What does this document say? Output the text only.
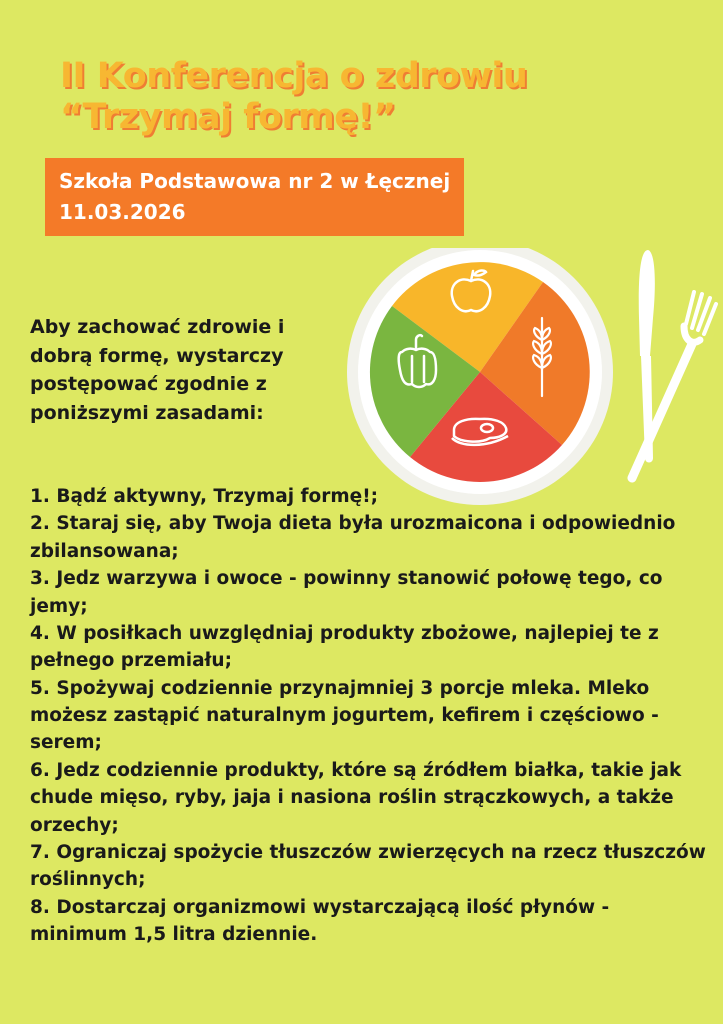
II Konferencja o zdrowiu
“Trzymaj formę!”
Szkoła Podstawowa nr 2 w Łęcznej
11.03.2026

Aby zachować zdrowie i dobrą formę, wystarczy postępować zgodnie z poniższymi zasadami:

1. Bądź aktywny, Trzymaj formę!;
2. Staraj się, aby Twoja dieta była urozmaicona i odpowiednio zbilansowana;
3. Jedz warzywa i owoce - powinny stanowić połowę tego, co jemy;
4. W posiłkach uwzględniaj produkty zbożowe, najlepiej te z pełnego przemiału;
5. Spożywaj codziennie przynajmniej 3 porcje mleka. Mleko możesz zastąpić naturalnym jogurtem, kefirem i częściowo - serem;
6. Jedz codziennie produkty, które są źródłem białka, takie jak chude mięso, ryby, jaja i nasiona roślin strączkowych, a także orzechy;
7. Ograniczaj spożycie tłuszczów zwierzęcych na rzecz tłuszczów roślinnych;
8. Dostarczaj organizmowi wystarczającą ilość płynów - minimum 1,5 litra dziennie.
